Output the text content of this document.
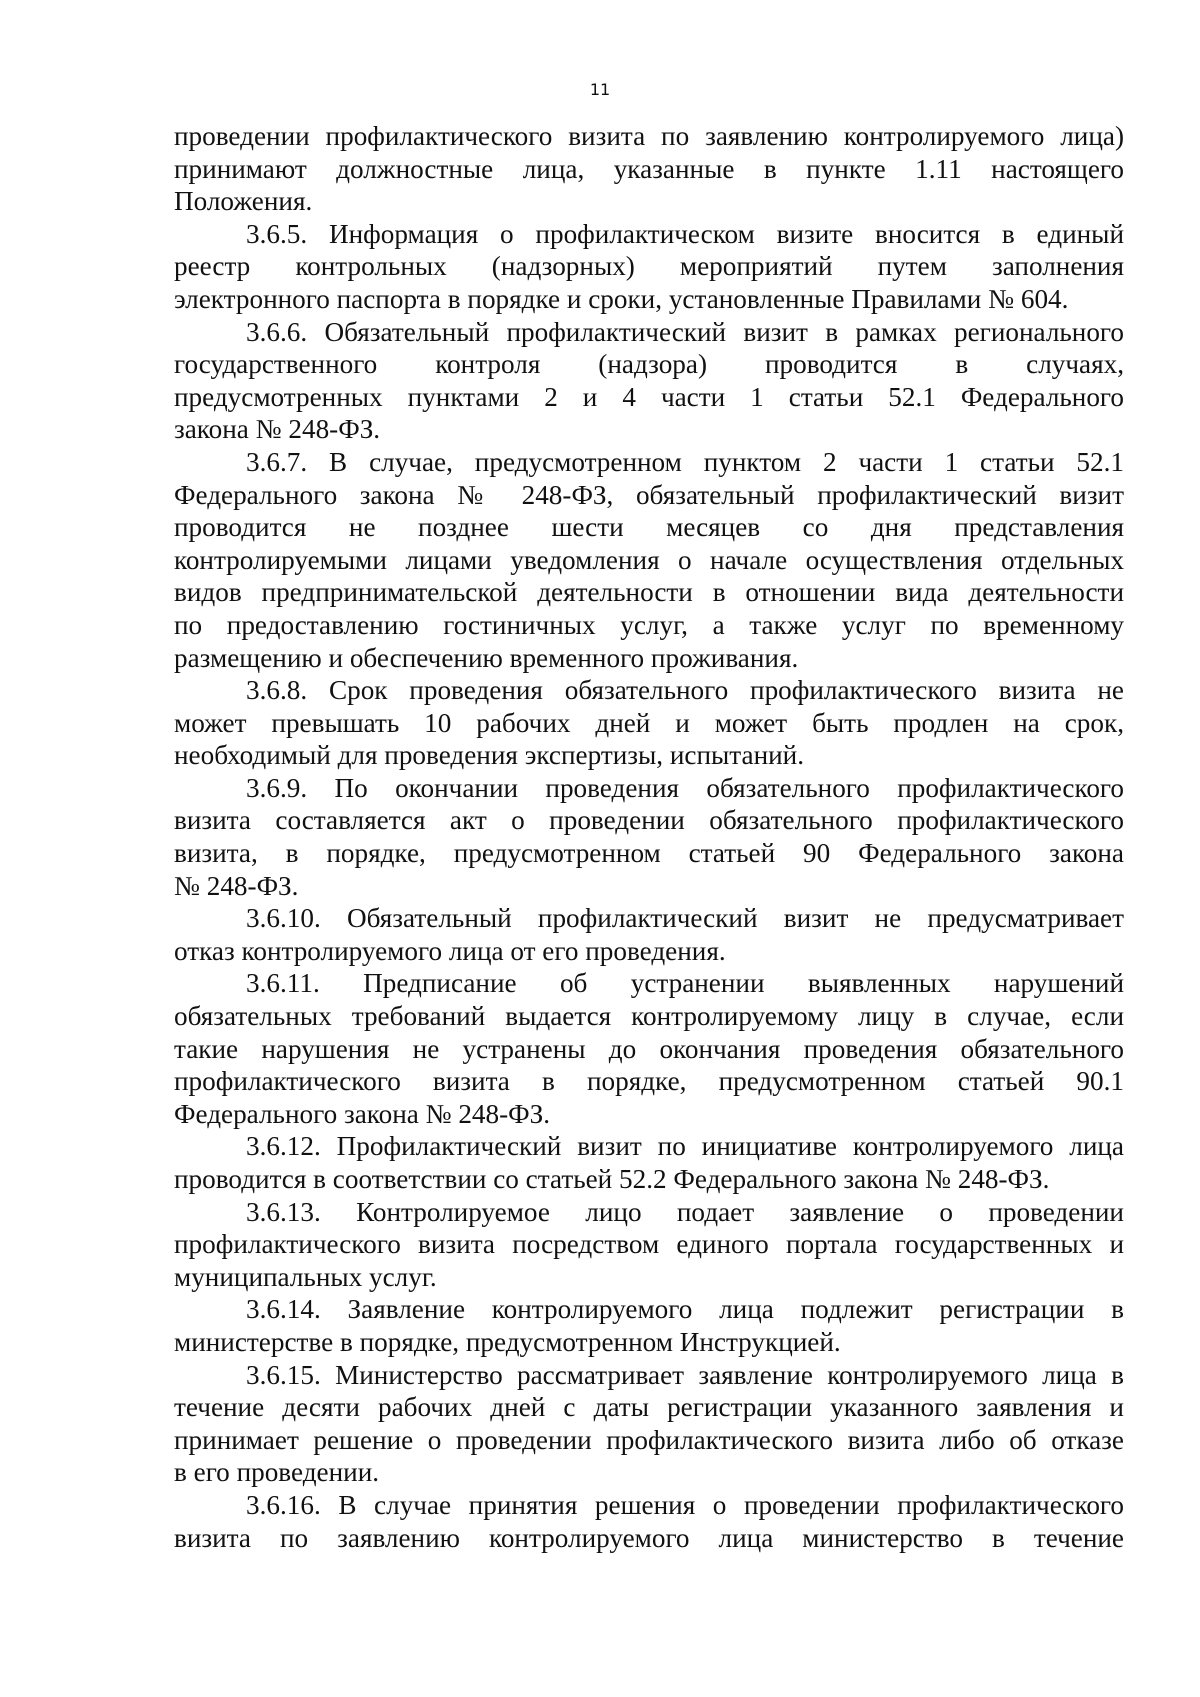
11

проведении профилактического визита по заявлению контролируемого лица)
принимают должностные лица, указанные в пункте 1.11 настоящего
Положения.

3.6.5. Информация о профилактическом визите вносится в единый
реестр контрольных (надзорных) мероприятий путем заполнения
электронного паспорта в порядке и сроки, установленные Правилами № 604.

3.6.6. Обязательный профилактический визит в рамках регионального
государственного контроля (надзора) проводится в случаях,
предусмотренных пунктами 2 и 4 части 1 статьи 52.1 Федерального
закона № 248-ФЗ.

3.6.7. В случае, предусмотренном пунктом 2 части 1 статьи 52.1
Федерального закона № 248-ФЗ, обязательный профилактический визит
проводится не позднее шести месяцев со дня представления
контролируемыми лицами уведомления о начале осуществления отдельных
видов предпринимательской деятельности в отношении вида деятельности
по предоставлению гостиничных услуг, а также услуг по временному
размещению и обеспечению временного проживания.

3.6.8. Срок проведения обязательного профилактического визита не
может превышать 10 рабочих дней и может быть продлен на срок,
необходимый для проведения экспертизы, испытаний.

3.6.9. По окончании проведения обязательного профилактического
визита составляется акт о проведении обязательного профилактического
визита, в порядке, предусмотренном статьей 90 Федерального закона
№ 248-ФЗ.

3.6.10. Обязательный профилактический визит не предусматривает
отказ контролируемого лица от его проведения.

3.6.11. Предписание об устранении выявленных нарушений
обязательных требований выдается контролируемому лицу в случае, если
такие нарушения не устранены до окончания проведения обязательного
профилактического визита в порядке, предусмотренном статьей 90.1
Федерального закона № 248-ФЗ.

3.6.12. Профилактический визит по инициативе контролируемого лица
проводится в соответствии со статьей 52.2 Федерального закона № 248-ФЗ.

3.6.13. Контролируемое лицо подает заявление о проведении
профилактического визита посредством единого портала государственных и
муниципальных услуг.

3.6.14. Заявление контролируемого лица подлежит регистрации в
министерстве в порядке, предусмотренном Инструкцией.

3.6.15. Министерство рассматривает заявление контролируемого лица в
течение десяти рабочих дней с даты регистрации указанного заявления и
принимает решение о проведении профилактического визита либо об отказе
в его проведении.

3.6.16. В случае принятия решения о проведении профилактического
визита по заявлению контролируемого лица министерство в течение
